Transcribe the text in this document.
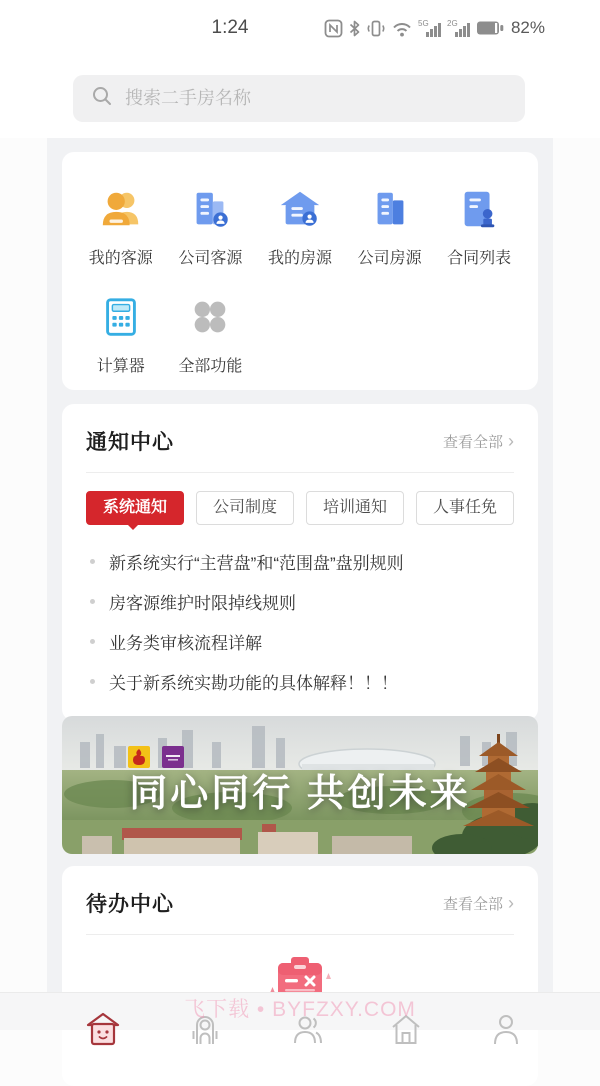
1:24	5G 2G	82%
搜索二手房名称
我的客源 公司客源 我的房源 公司房源 合同列表
计算器 全部功能
通知中心	查看全部 ›
系统通知	公司制度	培训通知	人事任免
新系统实行“主营盘”和“范围盘”盘别规则
房客源维护时限掉线规则
业务类审核流程详解
关于新系统实勘功能的具体解释！！！
同心同行 共创未来
待办中心	查看全部 ›
飞下载 • BYFZXY.COM
